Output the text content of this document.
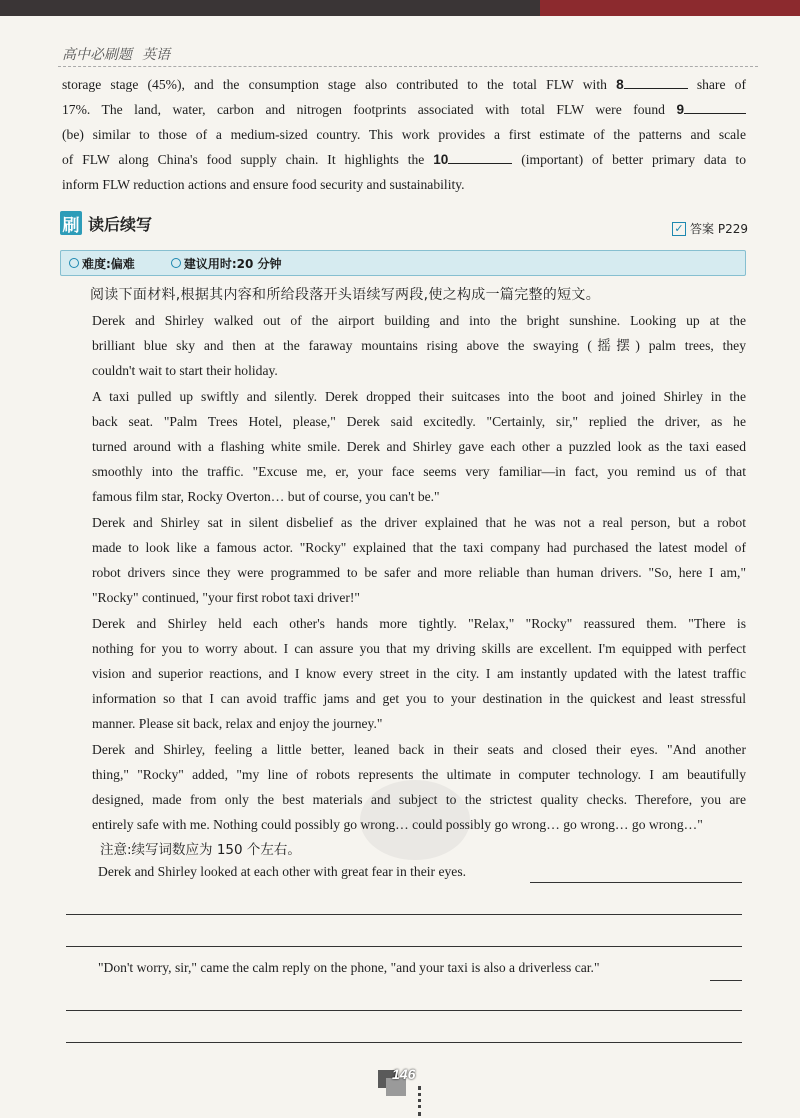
高中必刷题 英语
storage stage (45%), and the consumption stage also contributed to the total FLW with 8	share of
17%. The land, water, carbon and nitrogen footprints associated with total FLW were found 9
(be) similar to those of a medium-sized country. This work provides a first estimate of the patterns and scale
of FLW along China's food supply chain. It highlights the 10	(important) of better primary data to
inform FLW reduction actions and ensure food security and sustainability.
刷 读后续写	✓ 答案 P229
难度:偏难	建议用时:20 分钟
阅读下面材料,根据其内容和所给段落开头语续写两段,使之构成一篇完整的短文。
Derek and Shirley walked out of the airport building and into the bright sunshine. Looking up at the
brilliant blue sky and then at the faraway mountains rising above the swaying (摇摆) palm trees, they
couldn't wait to start their holiday.
A taxi pulled up swiftly and silently. Derek dropped their suitcases into the boot and joined Shirley in the
back seat. "Palm Trees Hotel, please," Derek said excitedly. "Certainly, sir," replied the driver, as he
turned around with a flashing white smile. Derek and Shirley gave each other a puzzled look as the taxi eased
smoothly into the traffic. "Excuse me, er, your face seems very familiar—in fact, you remind us of that
famous film star, Rocky Overton… but of course, you can't be."
Derek and Shirley sat in silent disbelief as the driver explained that he was not a real person, but a robot
made to look like a famous actor. "Rocky" explained that the taxi company had purchased the latest model of
robot drivers since they were programmed to be safer and more reliable than human drivers. "So, here I am,"
"Rocky" continued, "your first robot taxi driver!"
Derek and Shirley held each other's hands more tightly. "Relax," "Rocky" reassured them. "There is
nothing for you to worry about. I can assure you that my driving skills are excellent. I'm equipped with perfect
vision and superior reactions, and I know every street in the city. I am instantly updated with the latest traffic
information so that I can avoid traffic jams and get you to your destination in the quickest and least stressful
manner. Please sit back, relax and enjoy the journey."
Derek and Shirley, feeling a little better, leaned back in their seats and closed their eyes. "And another
thing," "Rocky" added, "my line of robots represents the ultimate in computer technology. I am beautifully
designed, made from only the best materials and subject to the strictest quality checks. Therefore, you are
entirely safe with me. Nothing could possibly go wrong… could possibly go wrong… go wrong… go wrong…"
注意:续写词数应为 150 个左右。
Derek and Shirley looked at each other with great fear in their eyes.
"Don't worry, sir," came the calm reply on the phone, "and your taxi is also a driverless car."
146
